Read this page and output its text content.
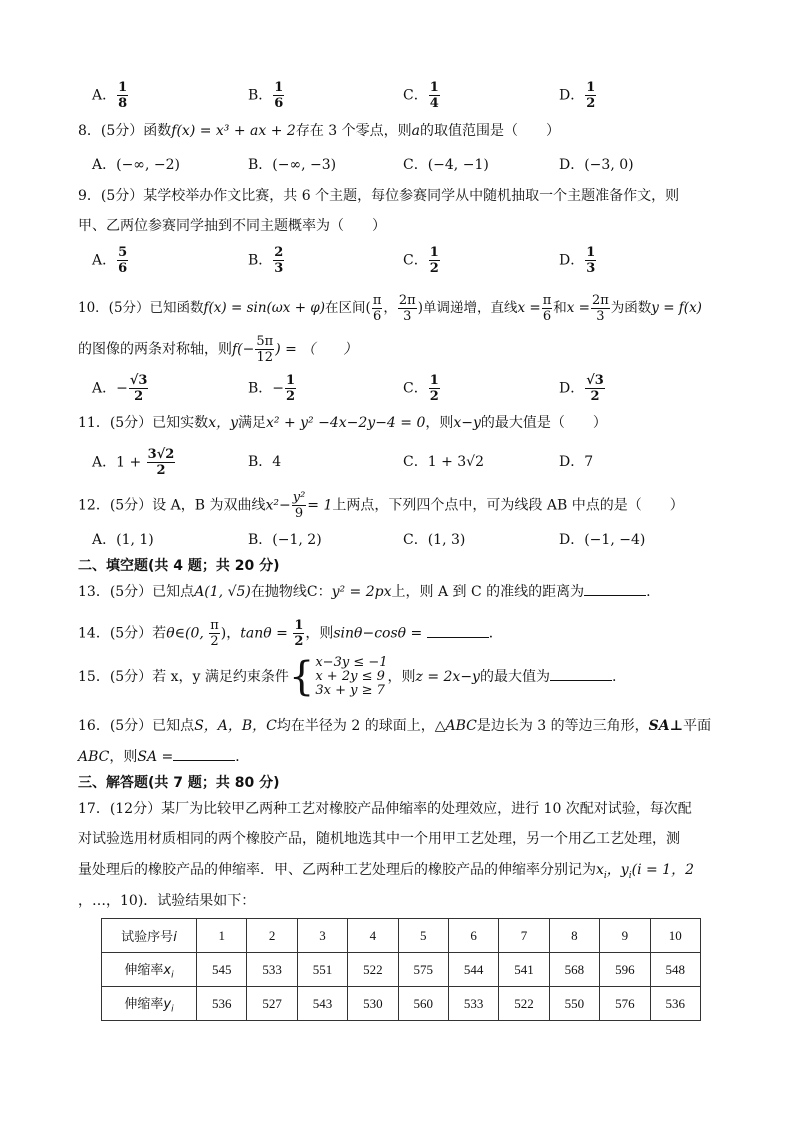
A． $\frac{1}{8}$	B． $\frac{1}{6}$	C． $\frac{1}{4}$	D． $\frac{1}{2}$
8．(5分）函数f(x) = x³ + ax + 2存在 3 个零点，则a的取值范围是（　　）
A．(−∞, −2)	B．(−∞, −3)	C．(−4, −1)	D．(−3, 0)
9．(5分）某学校举办作文比赛，共 6 个主题，每位参赛同学从中随机抽取一个主题准备作文，则
甲、乙两位参赛同学抽到不同主题概率为（　　）
A． $\frac{5}{6}$	B． $\frac{2}{3}$	C． $\frac{1}{2}$	D． $\frac{1}{3}$
10．(5分）已知函数f(x) = sin(ωx + φ)在区间( $\frac{\pi}{6}$ ， $\frac{2\pi}{3}$ )单调递增，直线$x = \frac{\pi}{6}$ 和$x = \frac{2\pi}{3}$ 为函数y = f(x)
的图像的两条对称轴，则$f(- \frac{5\pi}{12}$ ) = （　　）
A．− $\frac{√3}{2}$	B．− $\frac{1}{2}$	C． $\frac{1}{2}$	D． $\frac{√3}{2}$
11．(5分）已知实数x，y满足x² + y² −4x−2y−4 = 0，则x−y的最大值是（　　）
A．$1 + \frac{3√2}{2}$	B．4	C．1 + 3√2	D．7
12．(5分）设 A，B 为双曲线$x^2- \frac{\text{y²}}{9} = 1$上两点，下列四个点中，可为线段 AB 中点的是（　　）
A．(1, 1)	B．(−1, 2)	C．(1, 3)	D．(−1, −4)
二、填空题(共 4 题；共 20 分)
13．(5分）已知点A(1, √5)在抛物线C：y² = 2px上，则 A 到 C 的准线的距离为	.
14．(5分）若θ∈(0, $\frac{\pi}{2}$ )，$\tan\theta = \frac{1}{2}$ ，则sinθ−cosθ =	．
15．(5分）若 x，y 满足约束条件 { x−3y ≤ −1
x + 2y ≤ 9
3x + y ≥ 7
，则z = 2x−y的最大值为	.
16．(5分）已知点S，A，B，C均在半径为 2 的球面上，△ABC是边长为 3 的等边三角形，SA⊥平面
ABC，则SA =	．
三、解答题(共 7 题；共 80 分)
17．(12分）某厂为比较甲乙两种工艺对橡胶产品伸缩率的处理效应，进行 10 次配对试验，每次配
对试验选用材质相同的两个橡胶产品，随机地选其中一个用甲工艺处理，另一个用乙工艺处理，测
量处理后的橡胶产品的伸缩率．甲、乙两种工艺处理后的橡胶产品的伸缩率分别记为$x_i$，$y_i(i = 1$，2
，…，10)．试验结果如下：
试验序号i	1	2	3	4	5	6	7	8	9	10
伸缩率$x_i$	545	533	551	522	575	544	541	568	596	548
伸缩率$y_i$	536	527	543	530	560	533	522	550	576	536
